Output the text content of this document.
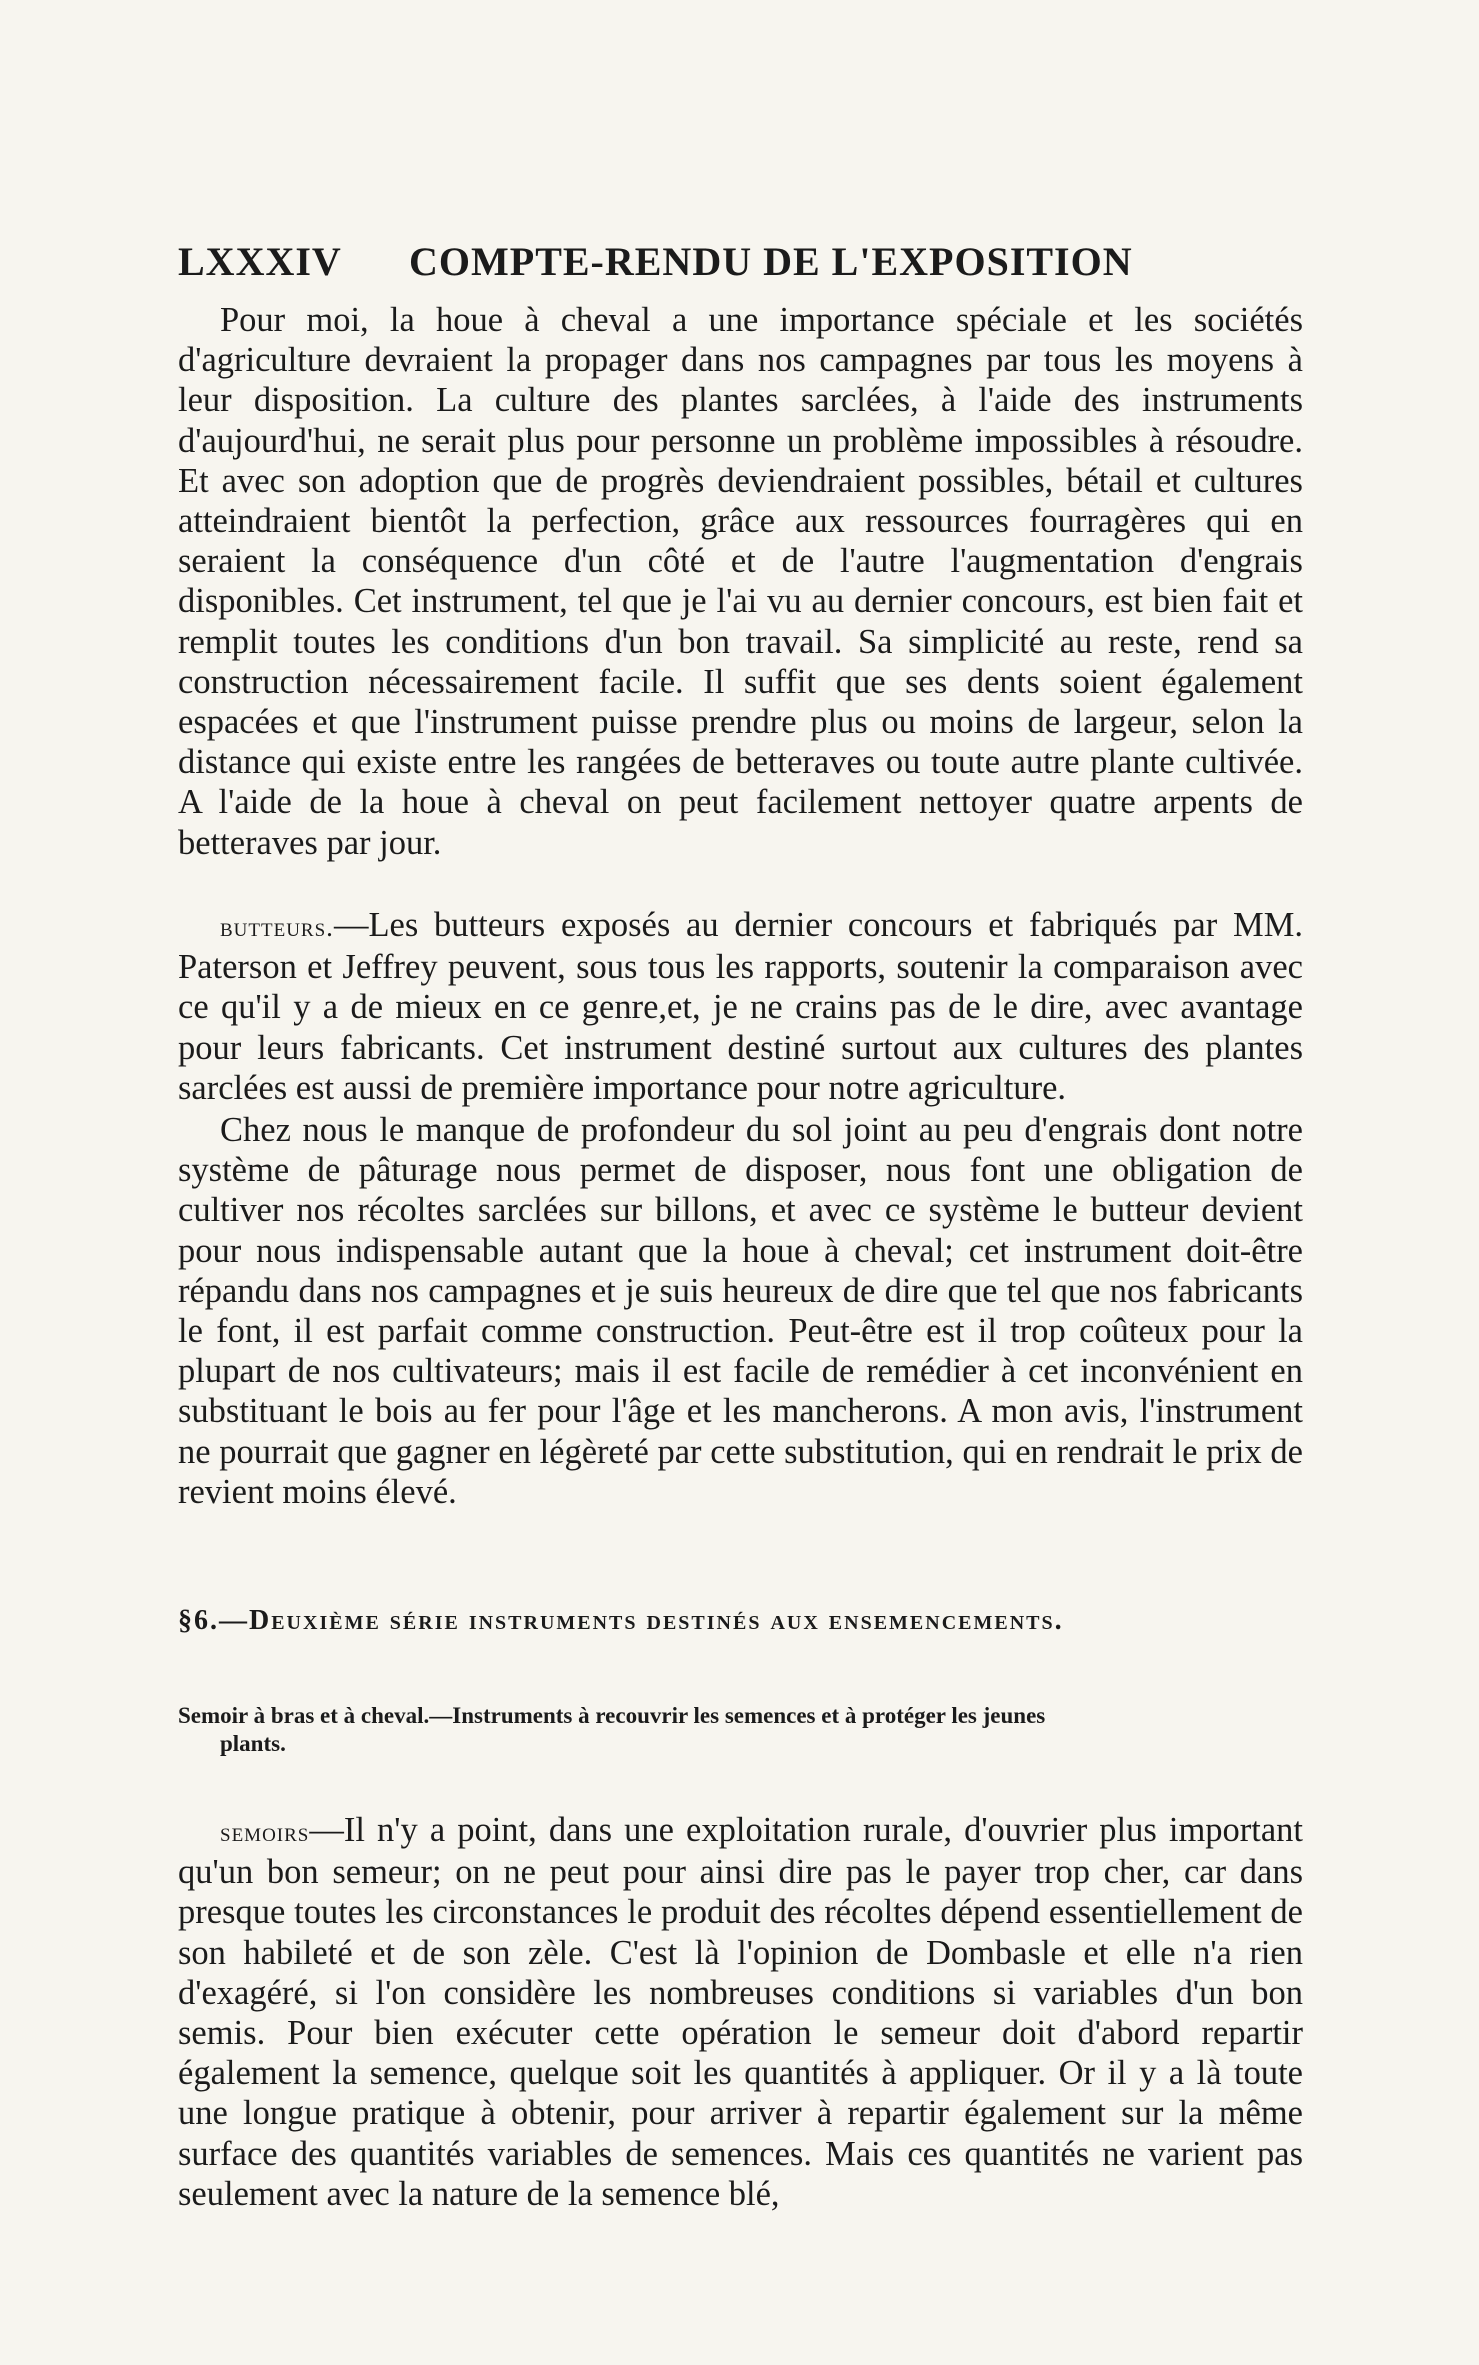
LXXXIV COMPTE-RENDU DE L'EXPOSITION

Pour moi, la houe à cheval a une importance spéciale et les sociétés d'agriculture devraient la propager dans nos campagnes par tous les moyens à leur disposition. La culture des plantes sarclées, à l'aide des instruments d'aujourd'hui, ne serait plus pour personne un problème impossibles à résoudre. Et avec son adoption que de progrès deviendraient possibles, bétail et cultures atteindraient bientôt la perfection, grâce aux ressources fourragères qui en seraient la conséquence d'un côté et de l'autre l'augmentation d'engrais disponibles. Cet instrument, tel que je l'ai vu au dernier concours, est bien fait et remplit toutes les conditions d'un bon travail. Sa simplicité au reste, rend sa construction nécessairement facile. Il suffit que ses dents soient également espacées et que l'instrument puisse prendre plus ou moins de largeur, selon la distance qui existe entre les rangées de betteraves ou toute autre plante cultivée. A l'aide de la houe à cheval on peut facilement nettoyer quatre arpents de betteraves par jour.

butteurs.—Les butteurs exposés au dernier concours et fabriqués par MM. Paterson et Jeffrey peuvent, sous tous les rapports, soutenir la comparaison avec ce qu'il y a de mieux en ce genre,et, je ne crains pas de le dire, avec avantage pour leurs fabricants. Cet instrument destiné surtout aux cultures des plantes sarclées est aussi de première importance pour notre agriculture.

Chez nous le manque de profondeur du sol joint au peu d'engrais dont notre système de pâturage nous permet de disposer, nous font une obligation de cultiver nos récoltes sarclées sur billons, et avec ce système le butteur devient pour nous indispensable autant que la houe à cheval; cet instrument doit-être répandu dans nos campagnes et je suis heureux de dire que tel que nos fabricants le font, il est parfait comme construction. Peut-être est il trop coûteux pour la plupart de nos cultivateurs; mais il est facile de remédier à cet inconvénient en substituant le bois au fer pour l'âge et les mancherons. A mon avis, l'instrument ne pourrait que gagner en légèreté par cette substitution, qui en rendrait le prix de revient moins élevé.

§6.—Deuxième série instruments destinés aux ensemencements.
Semoir à bras et à cheval.—Instruments à recouvrir les semences et à protéger les jeunes
plants.

semoirs—Il n'y a point, dans une exploitation rurale, d'ouvrier plus important qu'un bon semeur; on ne peut pour ainsi dire pas le payer trop cher, car dans presque toutes les circonstances le produit des récoltes dépend essentiellement de son habileté et de son zèle. C'est là l'opinion de Dombasle et elle n'a rien d'exagéré, si l'on considère les nombreuses conditions si variables d'un bon semis. Pour bien exécuter cette opération le semeur doit d'abord repartir également la semence, quelque soit les quantités à appliquer. Or il y a là toute une longue pratique à obtenir, pour arriver à repartir également sur la même surface des quantités variables de semences. Mais ces quantités ne varient pas seulement avec la nature de la semence blé,
